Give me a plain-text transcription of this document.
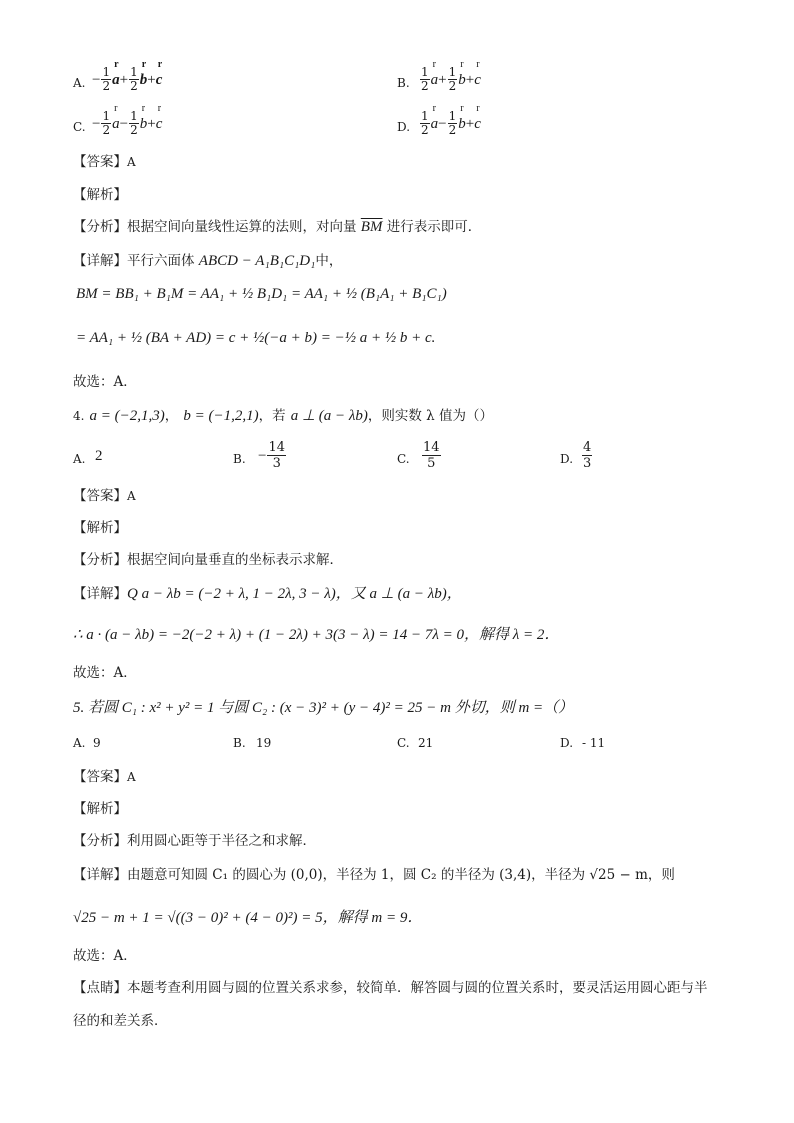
A. − $\frac{1}{2}$ r $a+ \frac{1}{2}$ r b+r c	B. $\frac{1}{2}$ r $a+ \frac{1}{2}$ r b+r c
C. − $\frac{1}{2}$ r $a- \frac{1}{2}$ r b+r c	D. $\frac{1}{2}$ r $a- \frac{1}{2}$ r b+r c
【答案】A
【解析】
【分析】根据空间向量线性运算的法则，对向量 $\overline{BM}$ 进行表示即可．
【详解】平行六面体 ABCD − A₁B₁C₁D₁中，
BM = BB₁ + B₁M = AA₁ + ½ B₁D₁ = AA₁ + ½ (B₁A₁ + B₁C₁)
= AA₁ + ½ (BA + AD) = c + ½(−a + b) = −½ a + ½ b + c.
故选：A．
4. a = (−2,1,3)， b = (−1,2,1)，若 a ⊥ (a − λb)，则实数 λ 值为（）
A. 2	B. − $\frac{14}{3}$	C. $\frac{14}{5}$	D. $\frac{4}{3}$
【答案】A
【解析】
【分析】根据空间向量垂直的坐标表示求解．
【详解】Q a − λb = (−2 + λ, 1 − 2λ, 3 − λ)，又 a ⊥ (a − λb)，
∴ a · (a − λb) = −2(−2 + λ) + (1 − 2λ) + 3(3 − λ) = 14 − 7λ = 0，解得 λ = 2．
故选：A．
5. 若圆 C₁ : x² + y² = 1 与圆 C₂ : (x − 3)² + (y − 4)² = 25 − m 外切，则 m =（）
A. 9	B. 19	C. 21	D. - 11
【答案】A
【解析】
【分析】利用圆心距等于半径之和求解．
【详解】由题意可知圆 C₁ 的圆心为 (0,0)，半径为 1，圆 C₂ 的半径为 (3,4)，半径为 √25 − m，则
√25 − m + 1 = √((3 − 0)² + (4 − 0)²) = 5，解得 m = 9．
故选：A．
【点睛】本题考查利用圆与圆的位置关系求参，较简单．解答圆与圆的位置关系时，要灵活运用圆心距与半
径的和差关系．
